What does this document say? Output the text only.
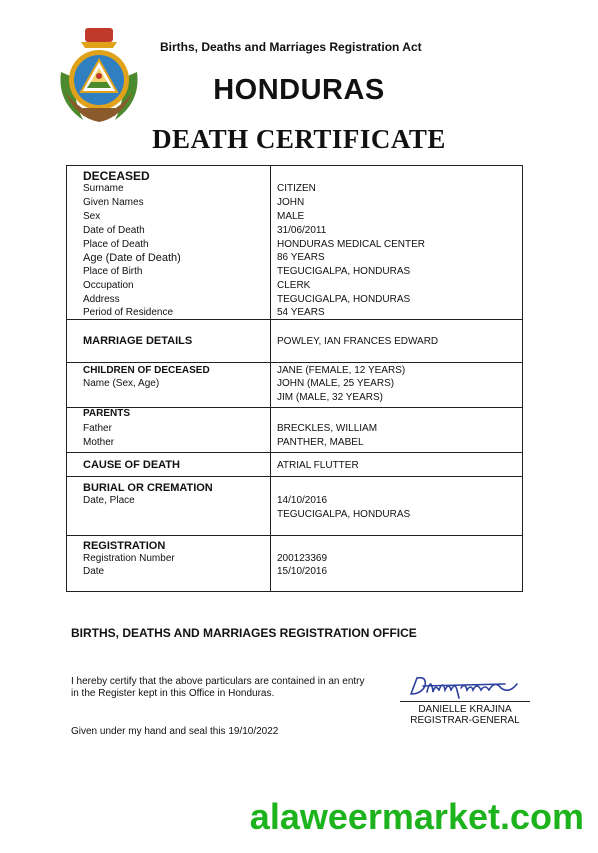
Births, Deaths and Marriages Registration Act
HONDURAS
DEATH CERTIFICATE
DECEASED
Surname	CITIZEN
Given Names	JOHN
Sex	MALE
Date of Death	31/06/2011
Place of Death	HONDURAS MEDICAL CENTER
Age (Date of Death)	86 YEARS
Place of Birth	TEGUCIGALPA, HONDURAS
Occupation	CLERK
Address	TEGUCIGALPA, HONDURAS
Period of Residence	54 YEARS
MARRIAGE DETAILS	POWLEY, IAN FRANCES EDWARD
CHILDREN OF DECEASED
Name (Sex, Age)
JANE (FEMALE, 12 YEARS)
JOHN (MALE, 25 YEARS)
JIM (MALE, 32 YEARS)
PARENTS
Father	BRECKLES, WILLIAM
Mother	PANTHER, MABEL
CAUSE OF DEATH	ATRIAL FLUTTER
BURIAL OR CREMATION
Date, Place	14/10/2016
TEGUCIGALPA, HONDURAS
REGISTRATION
Registration Number	200123369
Date	15/10/2016
BIRTHS, DEATHS AND MARRIAGES REGISTRATION OFFICE
I hereby certify that the above particulars are contained in an entry
in the Register kept in this Office in Honduras.
DANIELLE KRAJINA
REGISTRAR-GENERAL
Given under my hand and seal this 19/10/2022
alaweermarket.com
